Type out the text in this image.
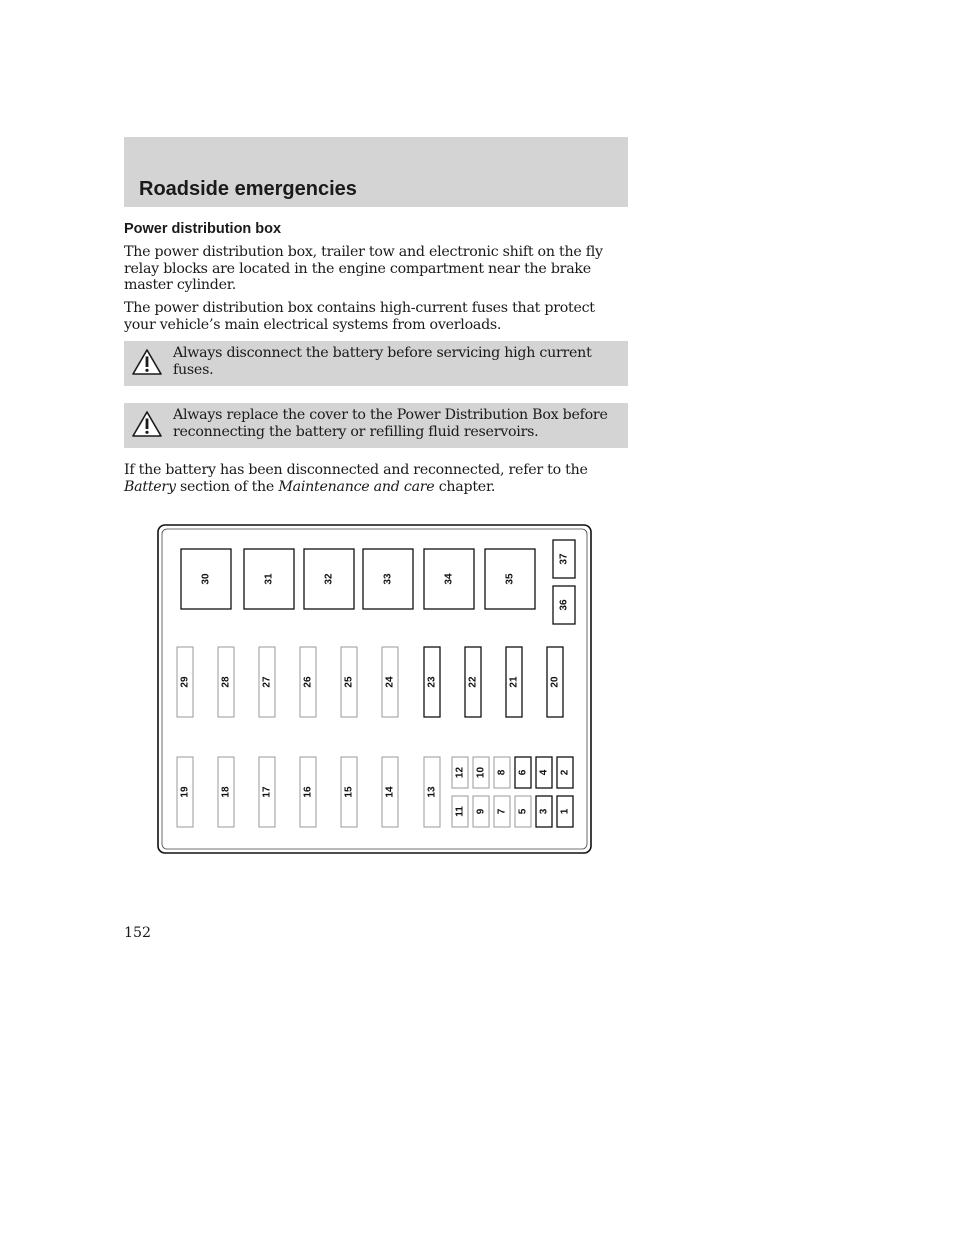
Roadside emergencies
Power distribution box

The power distribution box, trailer tow and electronic shift on the fly relay blocks are located in the engine compartment near the brake master cylinder.

The power distribution box contains high-current fuses that protect your vehicle’s main electrical systems from overloads.

Always disconnect the battery before servicing high current fuses.

Always replace the cover to the Power Distribution Box before reconnecting the battery or refilling fluid reservoirs.

If the battery has been disconnected and reconnected, refer to the Battery section of the Maintenance and care chapter.

30	31	32	33	34	35
37
36
29	28	27	26	25	24	23	22	21	20
19	18	17	16	15	14	13
12 10 8 6 4 2
11 9 7 5 3 1

152
